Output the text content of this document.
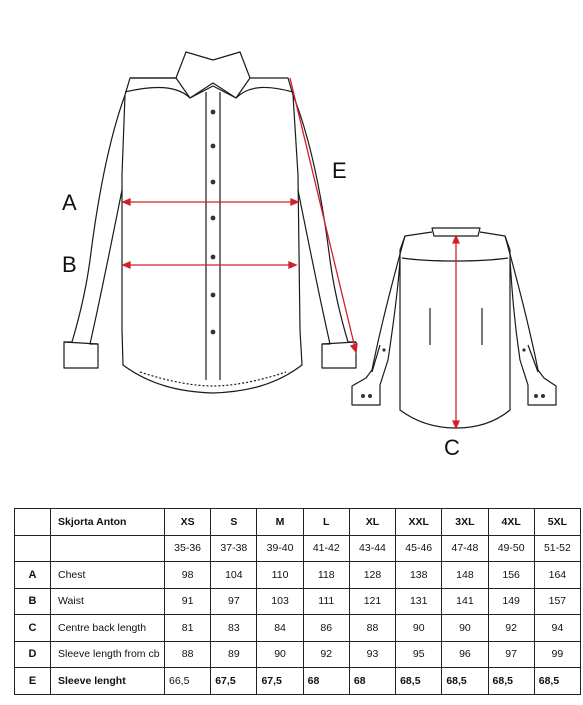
A
B
E
C
	Skjorta Anton	XS	S	M	L	XL	XXL	3XL	4XL	5XL
		35-36	37-38	39-40	41-42	43-44	45-46	47-48	49-50	51-52
A	Chest	98	104	110	118	128	138	148	156	164
B	Waist	91	97	103	111	121	131	141	149	157
C	Centre back length	81	83	84	86	88	90	90	92	94
D	Sleeve length from cb	88	89	90	92	93	95	96	97	99
E	Sleeve lenght	66,5	67,5	67,5	68	68	68,5	68,5	68,5	68,5
